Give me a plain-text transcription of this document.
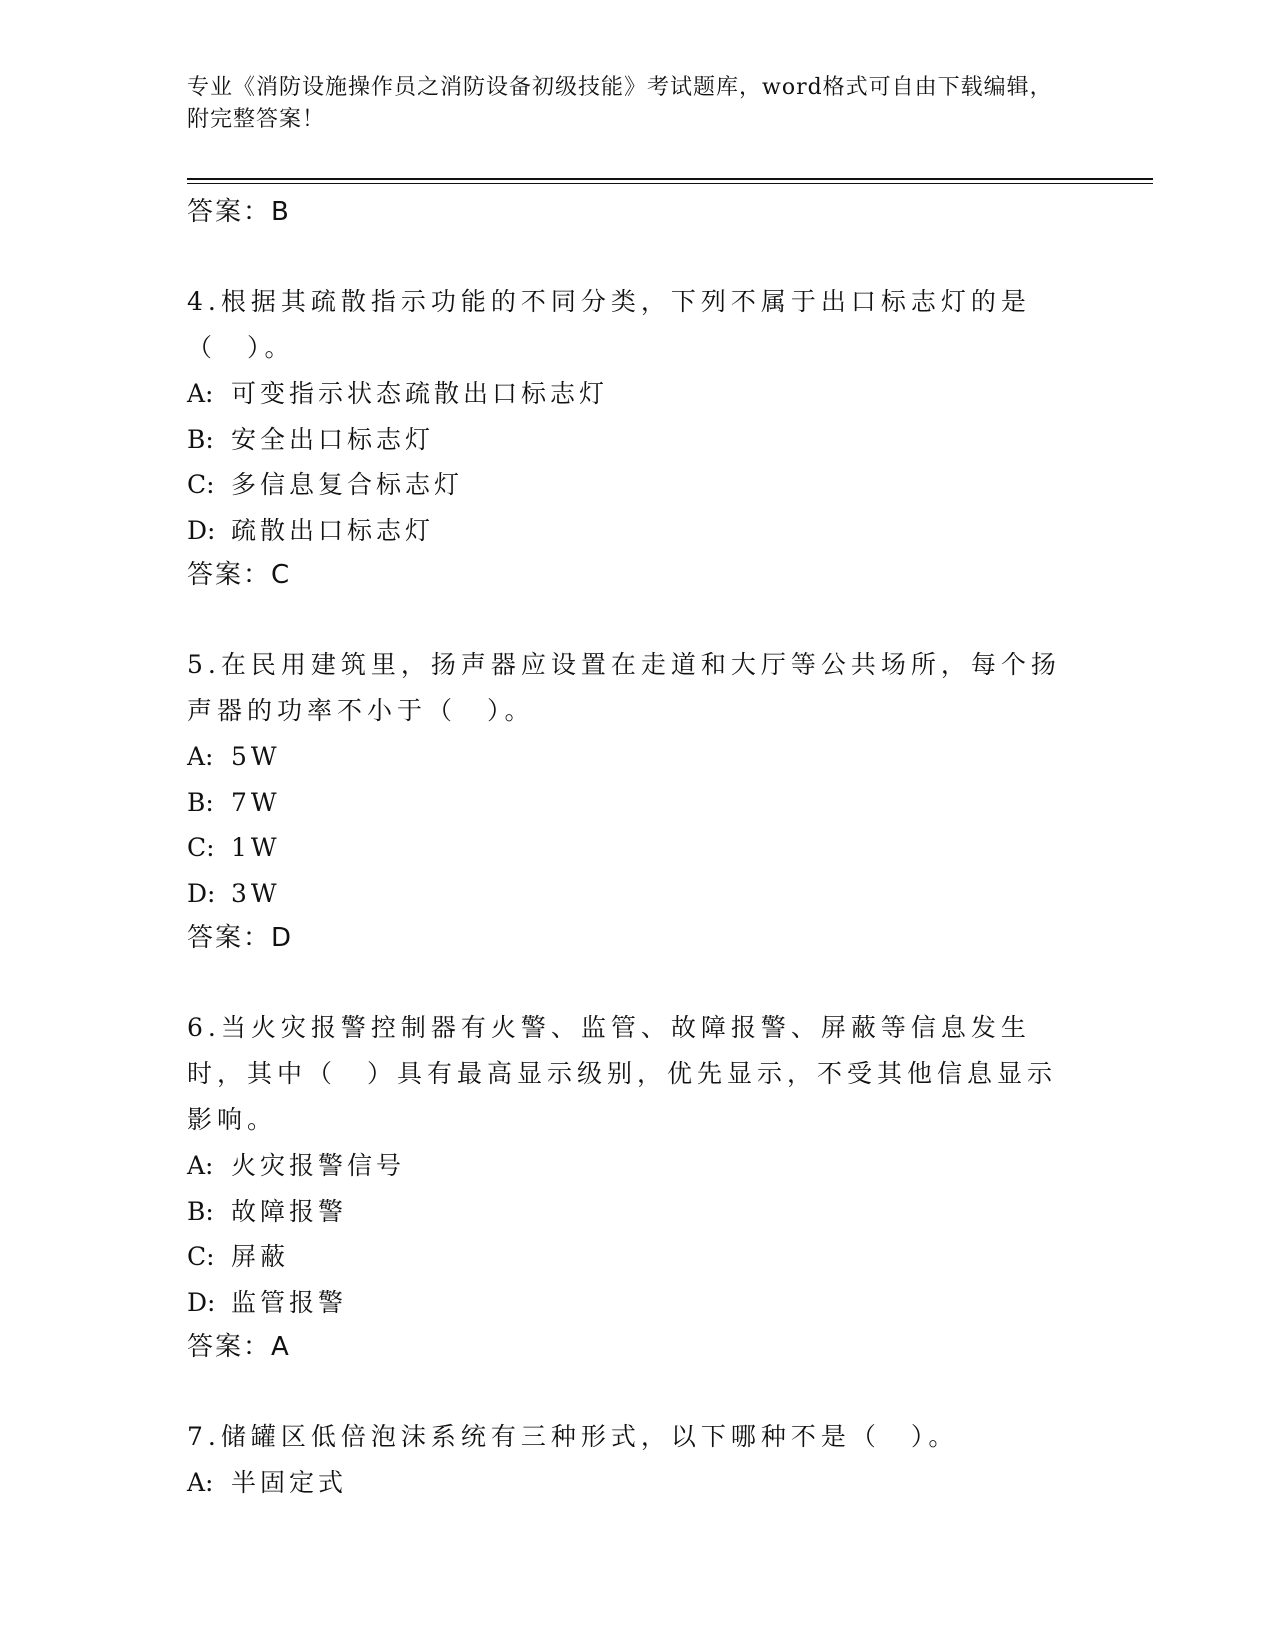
专业《消防设施操作员之消防设备初级技能》考试题库，word格式可自由下载编辑，附完整答案！
答案：B
4.根据其疏散指示功能的不同分类，下列不属于出口标志灯的是（　）。
A: 可变指示状态疏散出口标志灯
B: 安全出口标志灯
C: 多信息复合标志灯
D: 疏散出口标志灯
答案：C
5.在民用建筑里，扬声器应设置在走道和大厅等公共场所，每个扬声器的功率不小于（　）。
A: 5W
B: 7W
C: 1W
D: 3W
答案：D
6.当火灾报警控制器有火警、监管、故障报警、屏蔽等信息发生时，其中（　）具有最高显示级别，优先显示，不受其他信息显示影响。
A: 火灾报警信号
B: 故障报警
C: 屏蔽
D: 监管报警
答案：A
7.储罐区低倍泡沫系统有三种形式，以下哪种不是（　）。
A: 半固定式
